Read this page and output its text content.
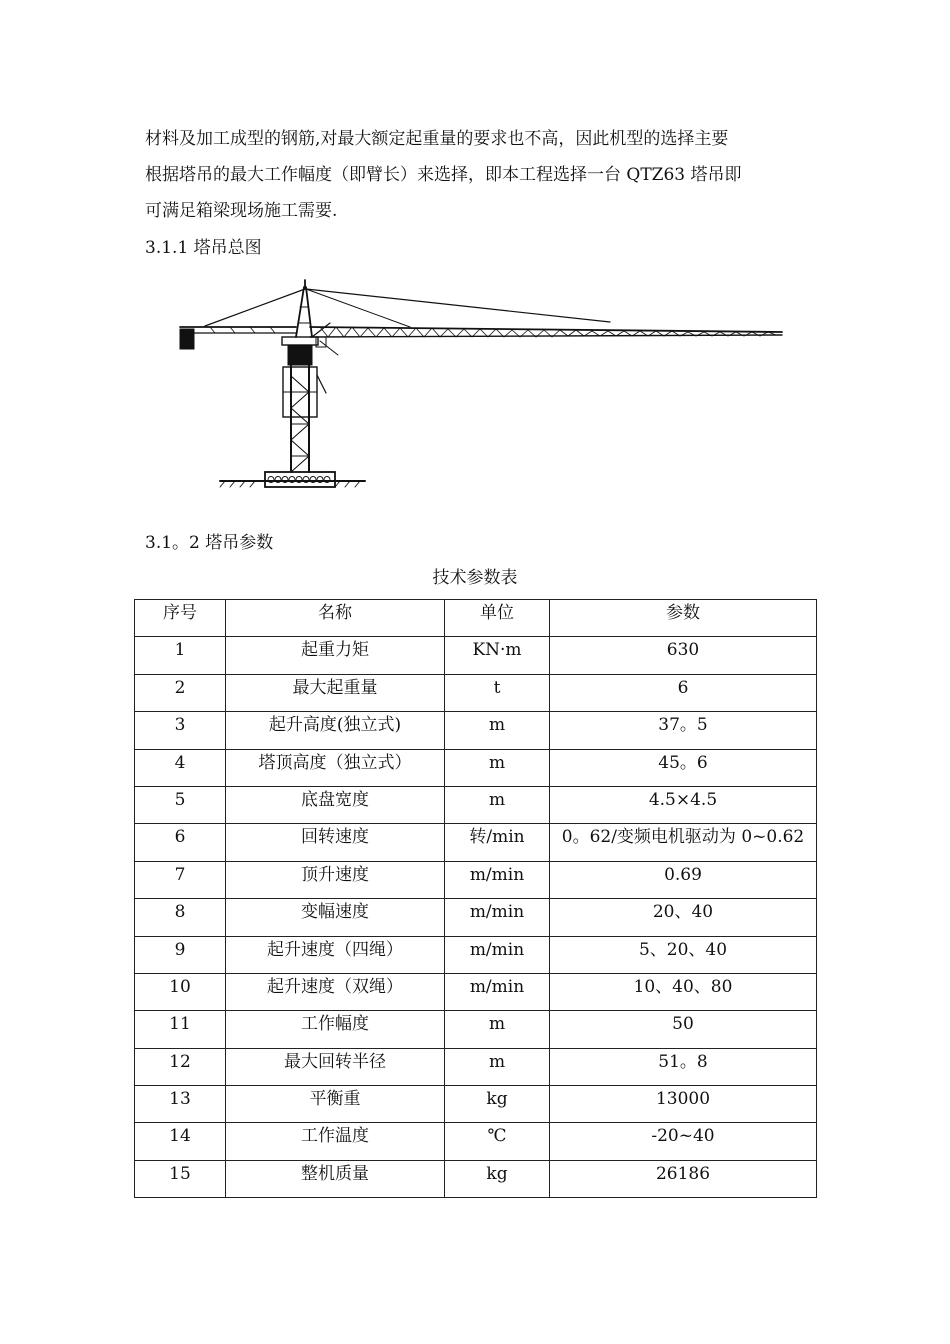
材料及加工成型的钢筋,对最大额定起重量的要求也不高，因此机型的选择主要

根据塔吊的最大工作幅度（即臂长）来选择，即本工程选择一台 QTZ63 塔吊即

可满足箱梁现场施工需要.

3.1.1 塔吊总图
3.1。2 塔吊参数
技术参数表
序号	名称	单位	参数
1	起重力矩	KN·m	630
2	最大起重量	t	6
3	起升高度(独立式)	m	37。5
4	塔顶高度（独立式）	m	45。6
5	底盘宽度	m	4.5×4.5
6	回转速度	转/min	0。62/变频电机驱动为 0~0.62
7	顶升速度	m/min	0.69
8	变幅速度	m/min	20、40
9	起升速度（四绳）	m/min	5、20、40
10	起升速度（双绳）	m/min	10、40、80
11	工作幅度	m	50
12	最大回转半径	m	51。8
13	平衡重	kg	13000
14	工作温度	℃	-20~40
15	整机质量	kg	26186
